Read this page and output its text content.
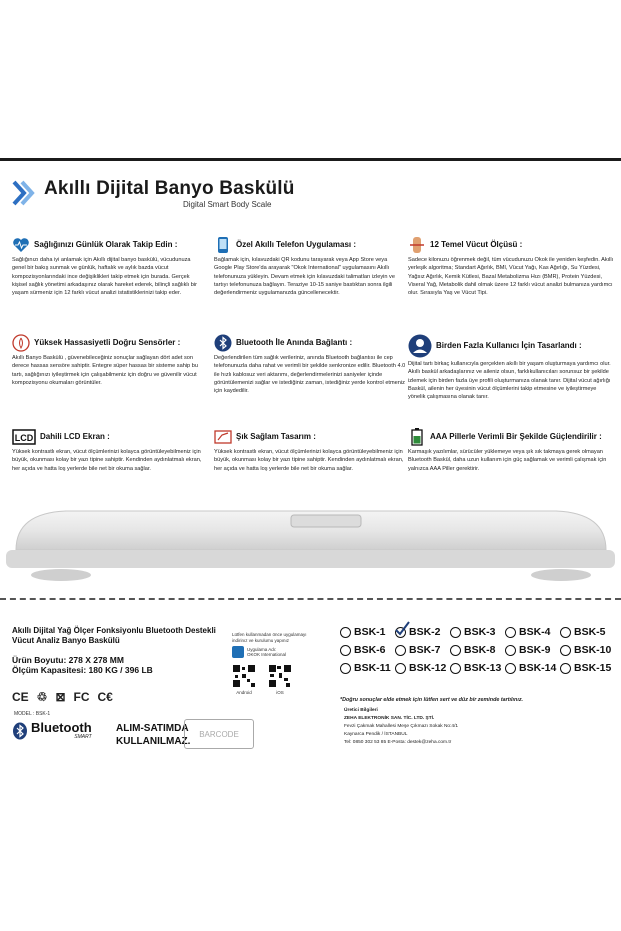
Akıllı Dijital Banyo Baskülü
Digital Smart Body Scale
Sağlığınızı Günlük Olarak Takip Edin :
Sağlığınızı daha iyi anlamak için Akıllı dijital banyo baskülü, vücudunuza genel bir bakış sunmak ve günlük, haftalık ve aylık bazda vücut kompozisyonlarındaki ince değişiklikleri takip etmek için burada. Gerçek kişisel sağlık yönetimi arkadaşınız olarak hareket ederek, bilinçli sağlıklı bir yaşam sürmeniz için 12 farklı vücut analizi istatistiklerinizi takip eder.
Özel Akıllı Telefon Uygulaması :
Bağlamak için, kılavuzdaki QR kodunu tarayarak veya App Store veya Google Play Store'da arayarak "Okok International" uygulamasını Akıllı telefonunuza yükleyin. Devam etmek için kılavuzdaki talimatları izleyin ve tartıyı telefonunuza bağlayın. Teraziye 10-15 saniye bastıktan sonra ilgili değerlendirmeniz uygulamanızda güncellenecektir.
12 Temel Vücut Ölçüsü :
Sadece kilonuzu öğrenmek değil, tüm vücudunuzu Okok ile yeniden keşfedin. Akıllı yerleşik algoritma; Standart Ağırlık, BMI, Vücut Yağı, Kas Ağırlığı, Su Yüzdesi, Yağsız Ağırlık, Kemik Kütlesi, Bazal Metabolizma Hızı (BMR), Protein Yüzdesi, Viseral Yağ, Metabolik dahil olmak üzere 12 farklı vücut analizi bulmanıza yardımcı olur. Sırasıyla Yaş ve Vücut Tipi.
Yüksek Hassasiyetli Doğru Sensörler :
Akıllı Banyo Baskülü , güvenebileceğiniz sonuçlar sağlayan dört adet son derece hassas sensöre sahiptir. Entegre süper hassas bir sisteme sahip bu tartı, sağlığınızı iyileştirmek için çalışabilmeniz için doğru ve güvenilir vücut kompozisyonu okumaları görüntüler.
Bluetooth İle Anında Bağlantı :
Değerlendirilen tüm sağlık verileriniz, anında Bluetooth bağlantısı ile cep telefonunuzla daha rahat ve verimli bir şekilde senkronize edilir. Bluetooth 4.0 ile hızlı kablosuz veri aktarımı, değerlendirmelerinizi saniyeler içinde görüntülemenizi sağlar ve istediğiniz zaman, istediğiniz yerde kontrol etmeniz için kaydedilir.
Birden Fazla Kullanıcı İçin Tasarlandı :
Dijital tartı birkaç kullanıcıyla gerçekten akıllı bir yaşam oluşturmaya yardımcı olur. Akıllı baskül arkadaşlarınız ve aileniz olsun, farklıkullanıcıları sorunsuz bir şekilde izlemek için birden fazla üye profili oluşturmanıza olanak tanır. Dijital vücut ağırlığı Baskül, ailenin her üyesinin vücut ölçümlerini takip etmesine ve iyileştirmeye yönelik çalışmasına olanak tanır.
LCD Dahili LCD Ekran :
Yüksek kontrastlı ekran, vücut ölçümlerinizi kolayca görüntüleyebilmeniz için büyük, okunması kolay bir yazı tipine sahiptir. Kendinden aydınlatmalı ekran, her açıda ve hatta loş yerlerde bile net bir okuma sağlar.
Şık Sağlam Tasarım :
Yüksek kontrastlı ekran, vücut ölçümlerinizi kolayca görüntüleyebilmeniz için büyük, okunması kolay bir yazı tipine sahiptir. Kendinden aydınlatmalı ekran, her açıda ve hatta loş yerlerde bile net bir okuma sağlar.
AAA Pillerle Verimli Bir Şekilde Güçlendirilir :
Karmaşık yazılımlar, sürücüler yüklemeye veya şık sık takmaya gerek olmayan Bluetooth Baskül, daha uzun kullanım için güç sağlamak ve verimli çalışmak için yalnızca AAA Piller gerektirir.
Akıllı Dijital Yağ Ölçer Fonksiyonlu Bluetooth Destekli Vücut Analiz Banyo Baskülü
Ürün Boyutu: 278 X 278 MM
Ölçüm Kapasitesi: 180 KG / 396 LB
CE ♲ ⊠ FC C€
MODEL : BSK-1
Bluetooth
SMART
ALIM-SATIMDA
KULLANILMAZ.
BARCODE
Lütfen kullanmadan önce uygulamayı indirinız ve kurulumu yapınız
Uygulama Adı:
OKOK International
Android	iOS
BSK-1 BSK-2 BSK-3 BSK-4 BSK-5
BSK-6 BSK-7 BSK-8 BSK-9 BSK-10
BSK-11 BSK-12 BSK-13 BSK-14 BSK-15
*Doğru sonuçlar elde etmek için lütfen sert ve düz bir zeminde tartılınız.
Üretici Bilgileri
ZEHA ELEKTRONİK SAN. TİC. LTD. ŞTİ.
Fevzi Çakmak Mahallesi Meşe Çıkmazı Sokak No:4/1
Kaynarca Pendik / İSTANBUL
Tel: 0850 302 53 85 E-Posta: destek@zeha.com.tr
